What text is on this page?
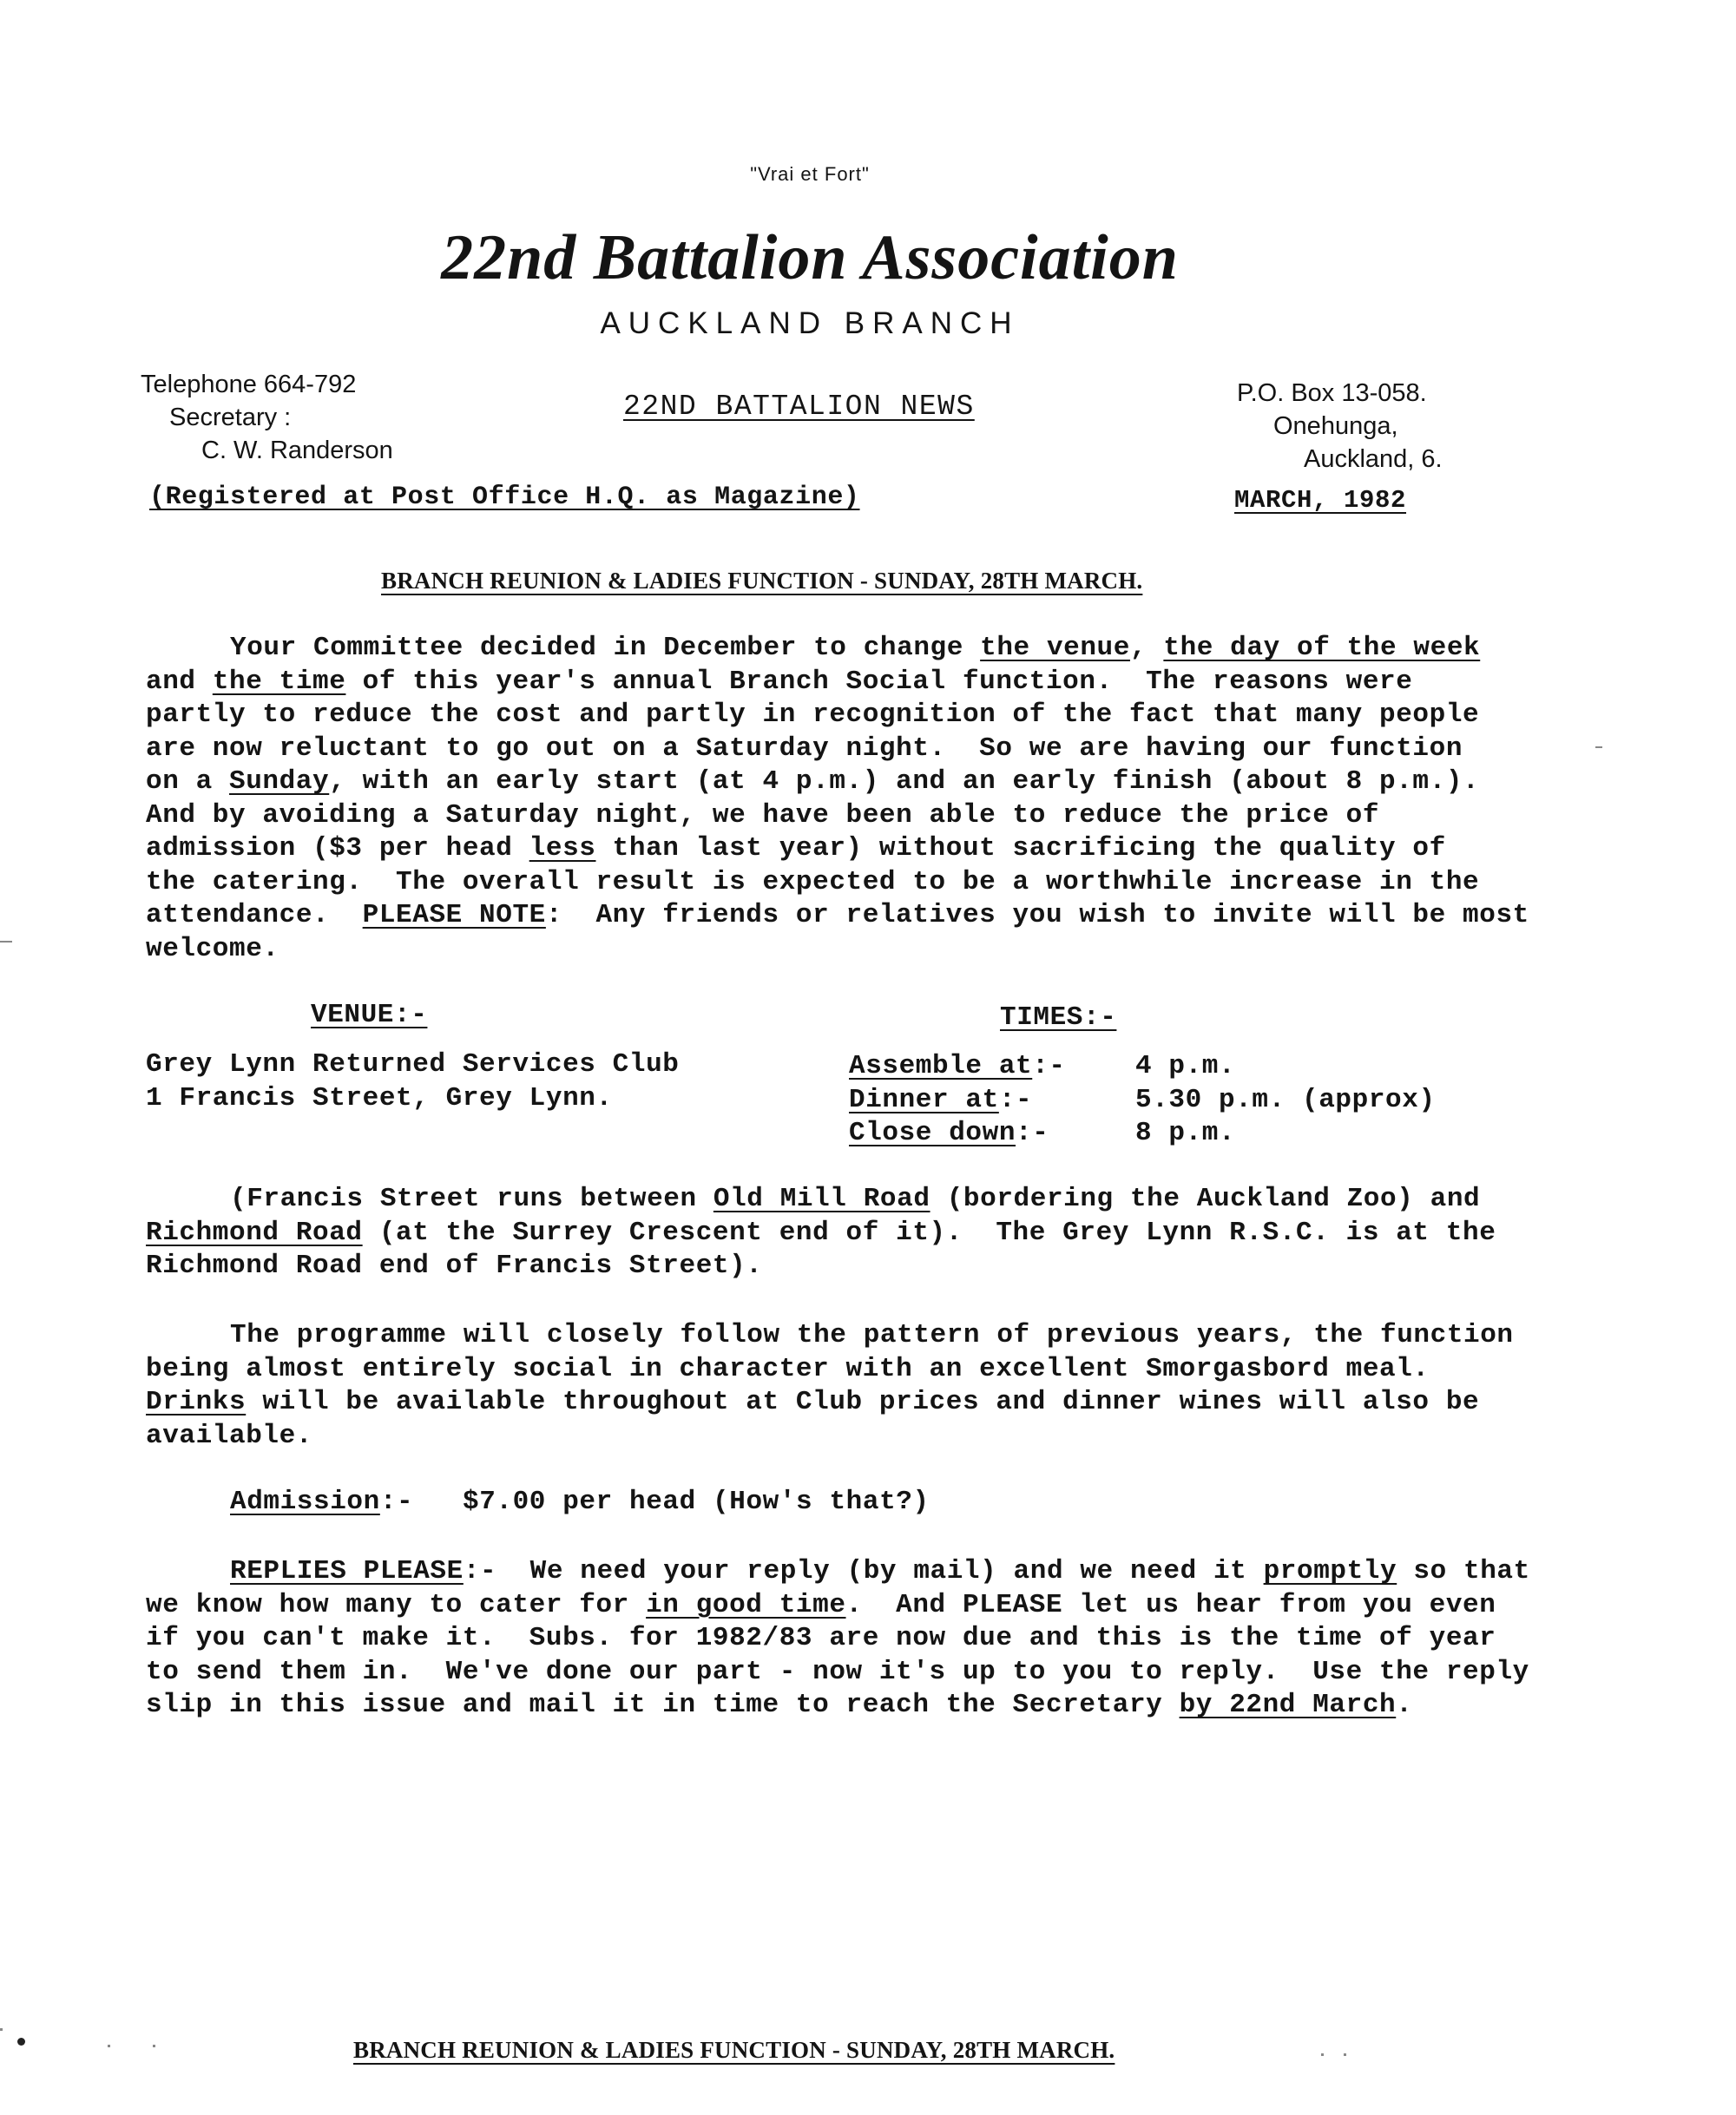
"Vrai et Fort"

22nd Battalion Association

AUCKLAND BRANCH

Telephone 664-792
Secretary :
C. W. Randerson

22ND BATTALION NEWS	P.O. Box 13-058.
Onehunga,
Auckland, 6.

(Registered at Post Office H.Q. as Magazine)	MARCH, 1982

BRANCH REUNION & LADIES FUNCTION - SUNDAY, 28TH MARCH.

Your Committee decided in December to change the venue, the day of the week
and the time of this year's annual Branch Social function.  The reasons were
partly to reduce the cost and partly in recognition of the fact that many people
are now reluctant to go out on a Saturday night.  So we are having our function
on a Sunday, with an early start (at 4 p.m.) and an early finish (about 8 p.m.).
And by avoiding a Saturday night, we have been able to reduce the price of
admission ($3 per head less than last year) without sacrificing the quality of
the catering.  The overall result is expected to be a worthwhile increase in the
attendance.  PLEASE NOTE:  Any friends or relatives you wish to invite will be most
welcome.

VENUE:-

Grey Lynn Returned Services Club
1 Francis Street, Grey Lynn.

TIMES:-

Assemble at:-
Dinner at:-
Close down:-
4 p.m.
5.30 p.m. (approx)
8 p.m.
(Francis Street runs between Old Mill Road (bordering the Auckland Zoo) and
Richmond Road (at the Surrey Crescent end of it).  The Grey Lynn R.S.C. is at the
Richmond Road end of Francis Street).
The programme will closely follow the pattern of previous years, the function
being almost entirely social in character with an excellent Smorgasbord meal.
Drinks will be available throughout at Club prices and dinner wines will also be
available.
Admission:- $7.00 per head (How's that?)
REPLIES PLEASE:-  We need your reply (by mail) and we need it promptly so that
we know how many to cater for in good time.  And PLEASE let us hear from you even
if you can't make it.  Subs. for 1982/83 are now due and this is the time of year
to send them in.  We've done our part - now it's up to you to reply.  Use the reply
slip in this issue and mail it in time to reach the Secretary by 22nd March.

BRANCH REUNION & LADIES FUNCTION - SUNDAY, 28TH MARCH.
